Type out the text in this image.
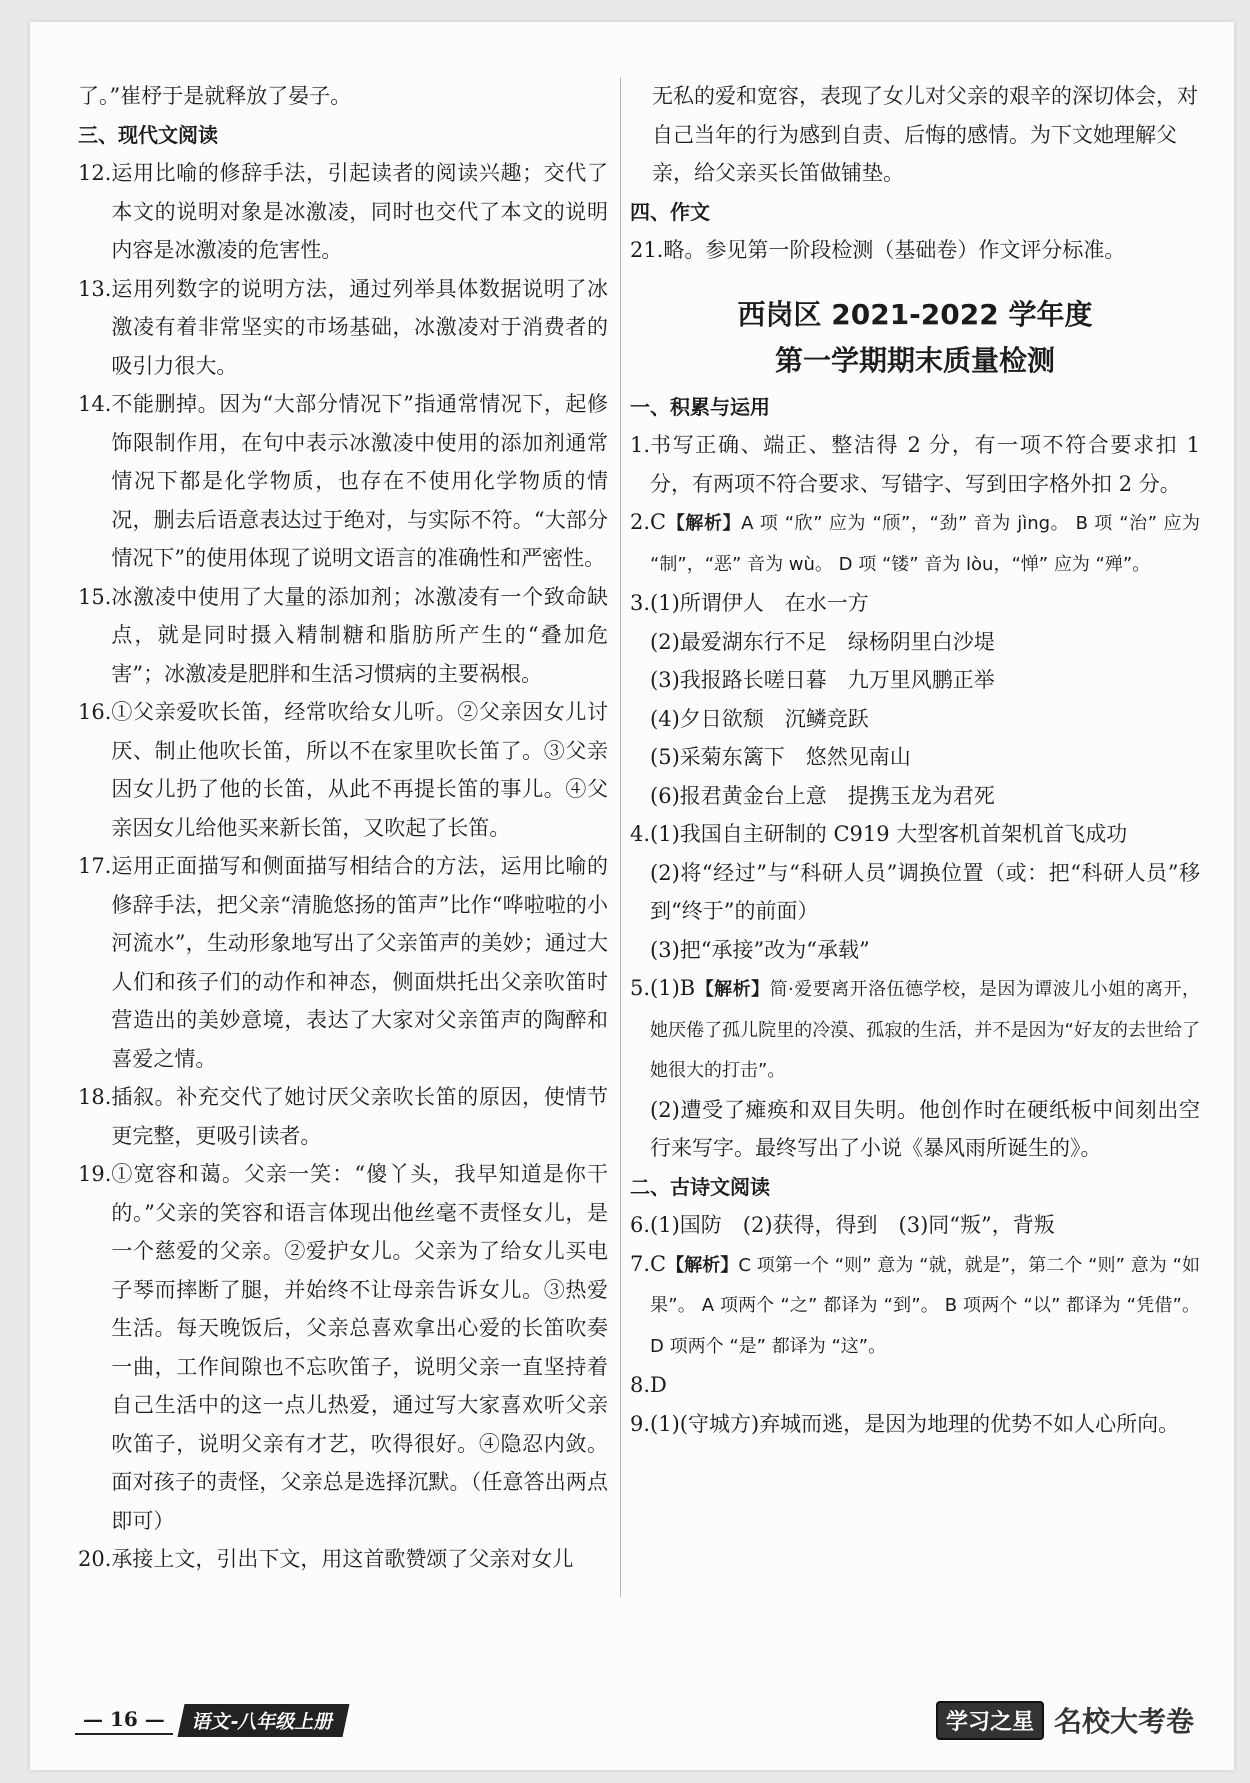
了。”崔杼于是就释放了晏子。

三、现代文阅读

12. 运用比喻的修辞手法，引起读者的阅读兴趣；交代了本文的说明对象是冰激凌，同时也交代了本文的说明内容是冰激凌的危害性。
13. 运用列数字的说明方法，通过列举具体数据说明了冰激凌有着非常坚实的市场基础，冰激凌对于消费者的吸引力很大。
14. 不能删掉。因为“大部分情况下”指通常情况下，起修饰限制作用，在句中表示冰激凌中使用的添加剂通常情况下都是化学物质，也存在不使用化学物质的情况，删去后语意表达过于绝对，与实际不符。“大部分情况下”的使用体现了说明文语言的准确性和严密性。
15. 冰激凌中使用了大量的添加剂；冰激凌有一个致命缺点，就是同时摄入精制糖和脂肪所产生的“叠加危害”；冰激凌是肥胖和生活习惯病的主要祸根。
16. ①父亲爱吹长笛，经常吹给女儿听。②父亲因女儿讨厌、制止他吹长笛，所以不在家里吹长笛了。③父亲因女儿扔了他的长笛，从此不再提长笛的事儿。④父亲因女儿给他买来新长笛，又吹起了长笛。
17. 运用正面描写和侧面描写相结合的方法，运用比喻的修辞手法，把父亲“清脆悠扬的笛声”比作“哗啦啦的小河流水”，生动形象地写出了父亲笛声的美妙；通过大人们和孩子们的动作和神态，侧面烘托出父亲吹笛时营造出的美妙意境，表达了大家对父亲笛声的陶醉和喜爱之情。
18. 插叙。补充交代了她讨厌父亲吹长笛的原因，使情节更完整，更吸引读者。
19. ①宽容和蔼。父亲一笑：“傻丫头，我早知道是你干的。”父亲的笑容和语言体现出他丝毫不责怪女儿，是一个慈爱的父亲。②爱护女儿。父亲为了给女儿买电子琴而摔断了腿，并始终不让母亲告诉女儿。③热爱生活。每天晚饭后，父亲总喜欢拿出心爱的长笛吹奏一曲，工作间隙也不忘吹笛子，说明父亲一直坚持着自己生活中的这一点儿热爱，通过写大家喜欢听父亲吹笛子，说明父亲有才艺，吹得很好。④隐忍内敛。面对孩子的责怪，父亲总是选择沉默。（任意答出两点即可）
20. 承接上文，引出下文，用这首歌赞颂了父亲对女儿

无私的爱和宽容，表现了女儿对父亲的艰辛的深切体会，对自己当年的行为感到自责、后悔的感情。为下文她理解父亲，给父亲买长笛做铺垫。

四、作文

21. 略。参见第一阶段检测（基础卷）作文评分标准。
西岗区 2021-2022 学年度
第一学期期末质量检测

一、积累与运用

1. 书写正确、端正、整洁得 2 分，有一项不符合要求扣 1 分，有两项不符合要求、写错字、写到田字格外扣 2 分。
2. C【解析】A 项 “欣” 应为 “颀”，“劲” 音为 jìng。 B 项 “治” 应为 “制”，“恶” 音为 wù。 D 项 “镂” 音为 lòu，“惮” 应为 “殚”。
3. (1)所谓伊人　在水一方
(2)最爱湖东行不足　绿杨阴里白沙堤
(3)我报路长嗟日暮　九万里风鹏正举
(4)夕日欲颓　沉鳞竞跃
(5)采菊东篱下　悠然见南山
(6)报君黄金台上意　提携玉龙为君死
4. (1)我国自主研制的 C919 大型客机首架机首飞成功
(2)将“经过”与“科研人员”调换位置（或：把“科研人员”移到“终于”的前面）
(3)把“承接”改为“承载”
5. (1)B【解析】简·爱要离开洛伍德学校，是因为谭波儿小姐的离开，她厌倦了孤儿院里的冷漠、孤寂的生活，并不是因为“好友的去世给了她很大的打击”。
(2)遭受了瘫痪和双目失明。他创作时在硬纸板中间刻出空行来写字。最终写出了小说《暴风雨所诞生的》。

二、古诗文阅读

6. (1)国防　(2)获得，得到　(3)同“叛”，背叛
7. C【解析】C 项第一个 “则” 意为 “就，就是”，第二个 “则” 意为 “如果”。 A 项两个 “之” 都译为 “到”。 B 项两个 “以” 都译为 “凭借”。 D 项两个 “是” 都译为 “这”。
8. D
9. (1)(守城方)弃城而逃，是因为地理的优势不如人心所向。
— 16 —	语文-八年级上册	学习之星 名校大考卷
